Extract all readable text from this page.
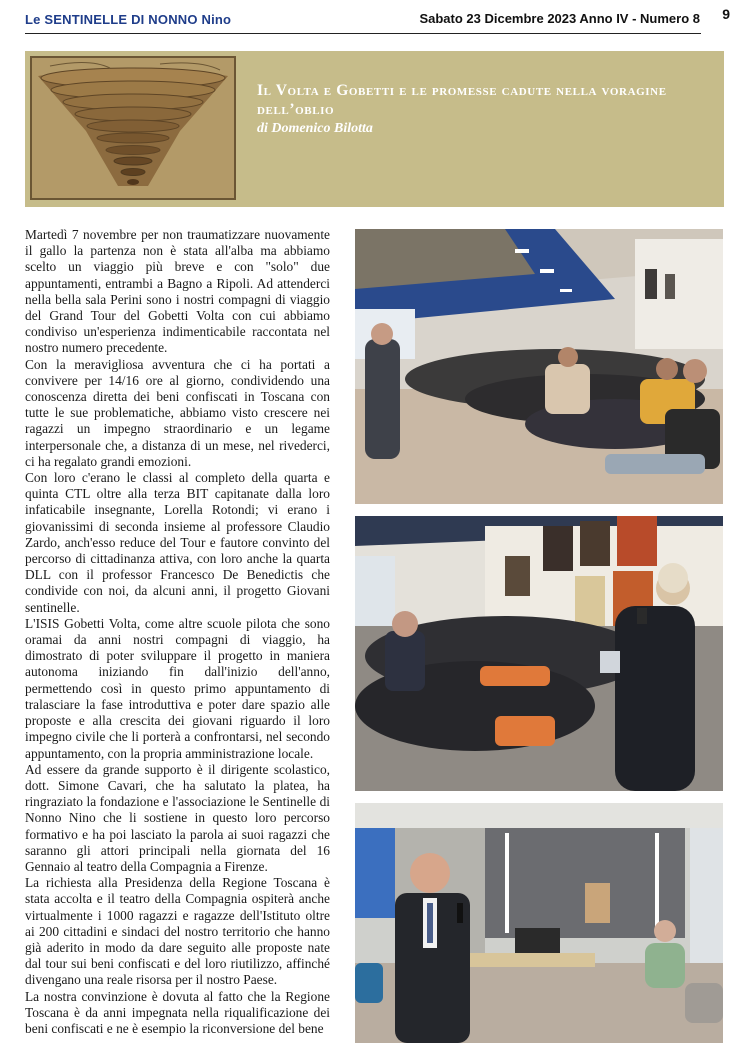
Le SENTINELLE DI NONNO Nino	Sabato 23 Dicembre 2023 Anno IV - Numero 8 9
Il Volta e Gobetti e le promesse cadute nella voragine dell’oblio
di Domenico Bilotta

Martedì 7 novembre per non traumatizzare nuovamente il gallo la partenza non è stata all'alba ma abbiamo scelto un viaggio più breve e con "solo" due appuntamenti, entrambi a Bagno a Ripoli. Ad attenderci nella bella sala Perini sono i nostri compagni di viaggio del Grand Tour del Gobetti Volta con cui abbiamo condiviso un'esperienza indimenticabile raccontata nel nostro numero precedente.

Con la meravigliosa avventura che ci ha portati a convivere per 14/16 ore al giorno, condividendo una conoscenza diretta dei beni confiscati in Toscana con tutte le sue problematiche, abbiamo visto crescere nei ragazzi un impegno straordinario e un legame interpersonale che, a distanza di un mese, nel rivederci, ci ha regalato grandi emozioni.

Con loro c'erano le classi al completo della quarta e quinta CTL oltre alla terza BIT capitanate dalla loro infaticabile insegnante, Lorella Rotondi; vi erano i giovanissimi di seconda insieme al professore Claudio Zardo, anch'esso reduce del Tour e fautore convinto del percorso di cittadinanza attiva, con loro anche la quarta DLL con il professor Francesco De Benedictis che condivide con noi, da alcuni anni, il progetto Giovani sentinelle.

L'ISIS Gobetti Volta, come altre scuole pilota che sono oramai da anni nostri compagni di viaggio, ha dimostrato di poter sviluppare il progetto in maniera autonoma iniziando fin dall'inizio dell'anno, permettendo così in questo primo appuntamento di tralasciare la fase introduttiva e poter dare spazio alle proposte e alla crescita dei giovani riguardo il loro impegno civile che li porterà a confrontarsi, nel secondo appuntamento, con la propria amministrazione locale.

Ad essere da grande supporto è il dirigente scolastico, dott. Simone Cavari, che ha salutato la platea, ha ringraziato la fondazione e l'associazione le Sentinelle di Nonno Nino che li sostiene in questo loro percorso formativo e ha poi lasciato la parola ai suoi ragazzi che saranno gli attori principali nella giornata del 16 Gennaio al teatro della Compagnia a Firenze.

La richiesta alla Presidenza della Regione Toscana è stata accolta e il teatro della Compagnia ospiterà anche virtualmente i 1000 ragazzi e ragazze dell'Istituto oltre ai 200 cittadini e sindaci del nostro territorio che hanno già aderito in modo da dare seguito alle proposte nate dal tour sui beni confiscati e del loro riutilizzo, affinché divengano una reale risorsa per il nostro Paese.

La nostra convinzione è dovuta al fatto che la Regione Toscana è da anni impegnata nella riqualificazione dei beni confiscati e ne è esempio la riconversione del bene
